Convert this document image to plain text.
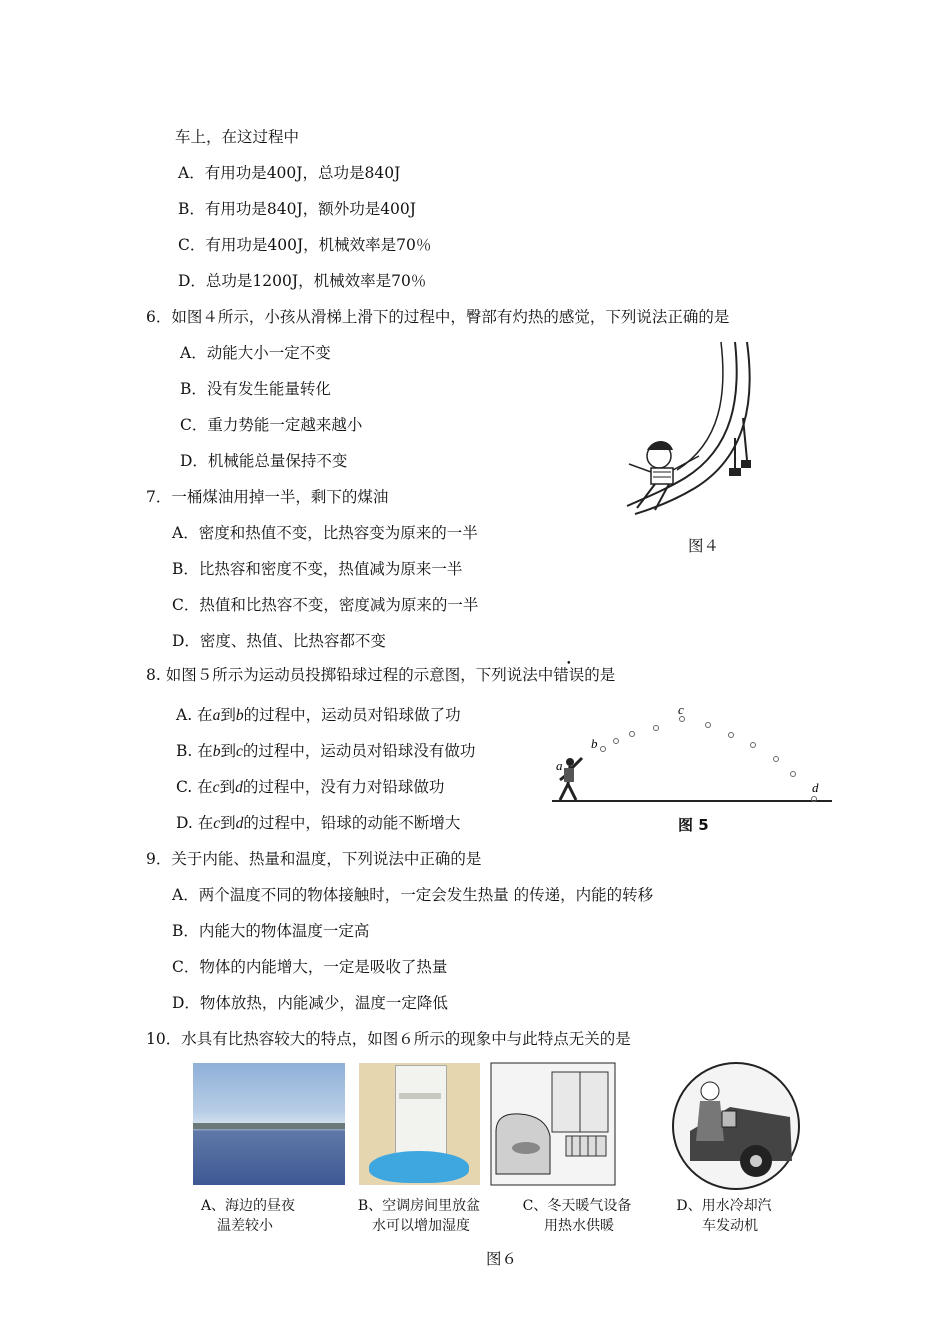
车上，在这过程中
A．有用功是400J，总功是840J
B．有用功是840J，额外功是400J
C．有用功是400J，机械效率是70％
D．总功是1200J，机械效率是70％
6．如图４所示，小孩从滑梯上滑下的过程中，臀部有灼热的感觉，下列说法正确的是
A．动能大小一定不变
B．没有发生能量转化
C．重力势能一定越来越小
D．机械能总量保持不变
图４
7．一桶煤油用掉一半，剩下的煤油
A．密度和热值不变，比热容变为原来的一半
B．比热容和密度不变，热值减为原来一半
C．热值和比热容不变，密度减为原来的一半
D．密度、热值、比热容都不变
8. 如图５所示为运动员投掷铅球过程的示意图，下列说法中错误的是
A. 在a到b的过程中，运动员对铅球做了功
B. 在b到c的过程中，运动员对铅球没有做功
C. 在c到d的过程中，没有力对铅球做功
D. 在c到d的过程中，铅球的动能不断增大
a
b
c
d
图 5
9．关于内能、热量和温度，下列说法中正确的是
A．两个温度不同的物体接触时，一定会发生热量 的传递，内能的转移
B．内能大的物体温度一定高
C．物体的内能增大，一定是吸收了热量
D．物体放热，内能减少，温度一定降低
10．水具有比热容较大的特点，如图６所示的现象中与此特点无关的是
A、海边的昼夜
温差较小
B、空调房间里放盆
水可以增加湿度
C、冬天暖气设备
用热水供暖
D、用水冷却汽
车发动机
图６
